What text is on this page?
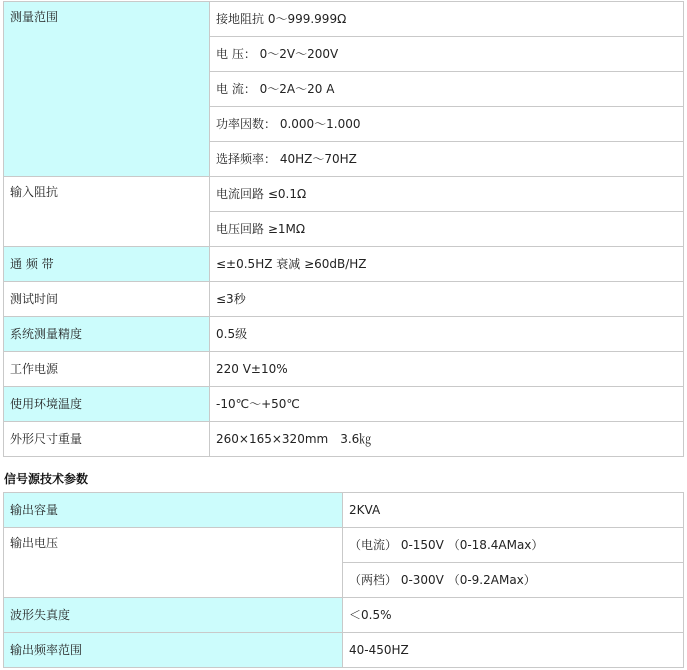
测量范围	接地阻抗 0～999.999Ω
	电 压： 0～2V～200V
	电 流： 0～2A～20 A
	功率因数： 0.000～1.000
	选择频率： 40HZ～70HZ
输入阻抗	电流回路 ≤0.1Ω
	电压回路 ≥1MΩ
通 频 带	≤±0.5HZ 衰减 ≥60dB/HZ
测试时间	≤3秒
系统测量精度	0.5级
工作电源	220 V±10%
使用环境温度	-10℃～+50℃
外形尺寸重量	260×165×320mm　3.6㎏
信号源技术参数
输出容量	2KVA
输出电压	（电流） 0-150V （0-18.4AMax）
	（两档） 0-300V （0-9.2AMax）
波形失真度	＜0.5%
输出频率范围	40-450HZ
